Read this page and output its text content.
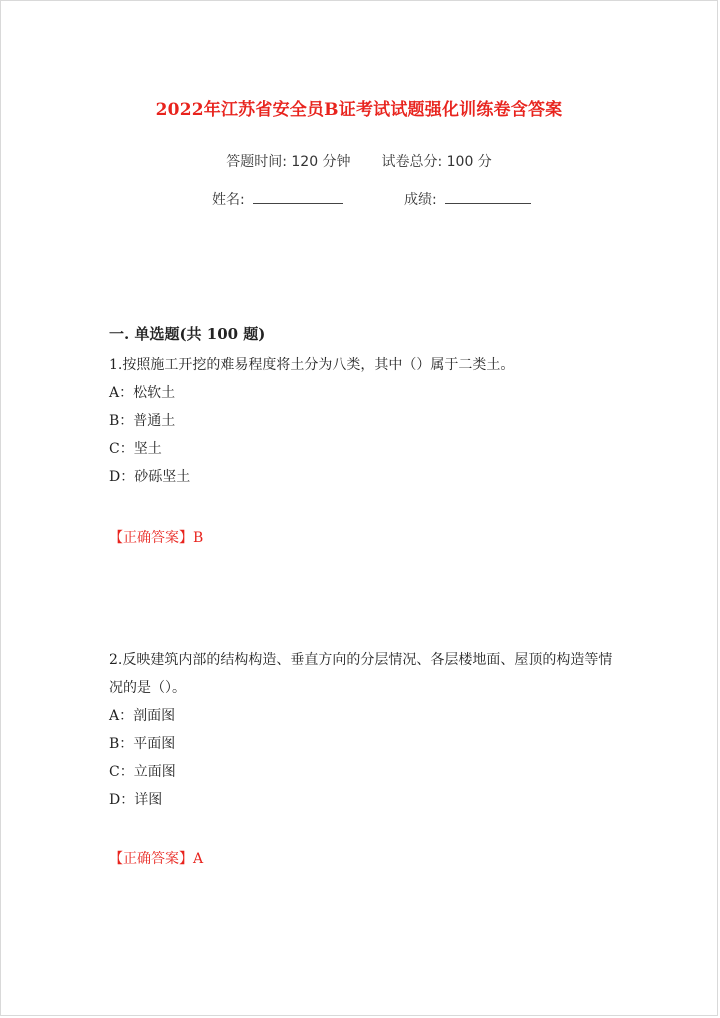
2022年江苏省安全员B证考试试题强化训练卷含答案
答题时间: 120 分钟 试卷总分: 100 分
姓名:	成绩:
一. 单选题(共 100 题)
1.按照施工开挖的难易程度将土分为八类，其中（）属于二类土。
A：松软土
B：普通土
C：坚土
D：砂砾坚土
【正确答案】B
2.反映建筑内部的结构构造、垂直方向的分层情况、各层楼地面、屋顶的构造等情况的是（）。
A：剖面图
B：平面图
C：立面图
D：详图
【正确答案】A
